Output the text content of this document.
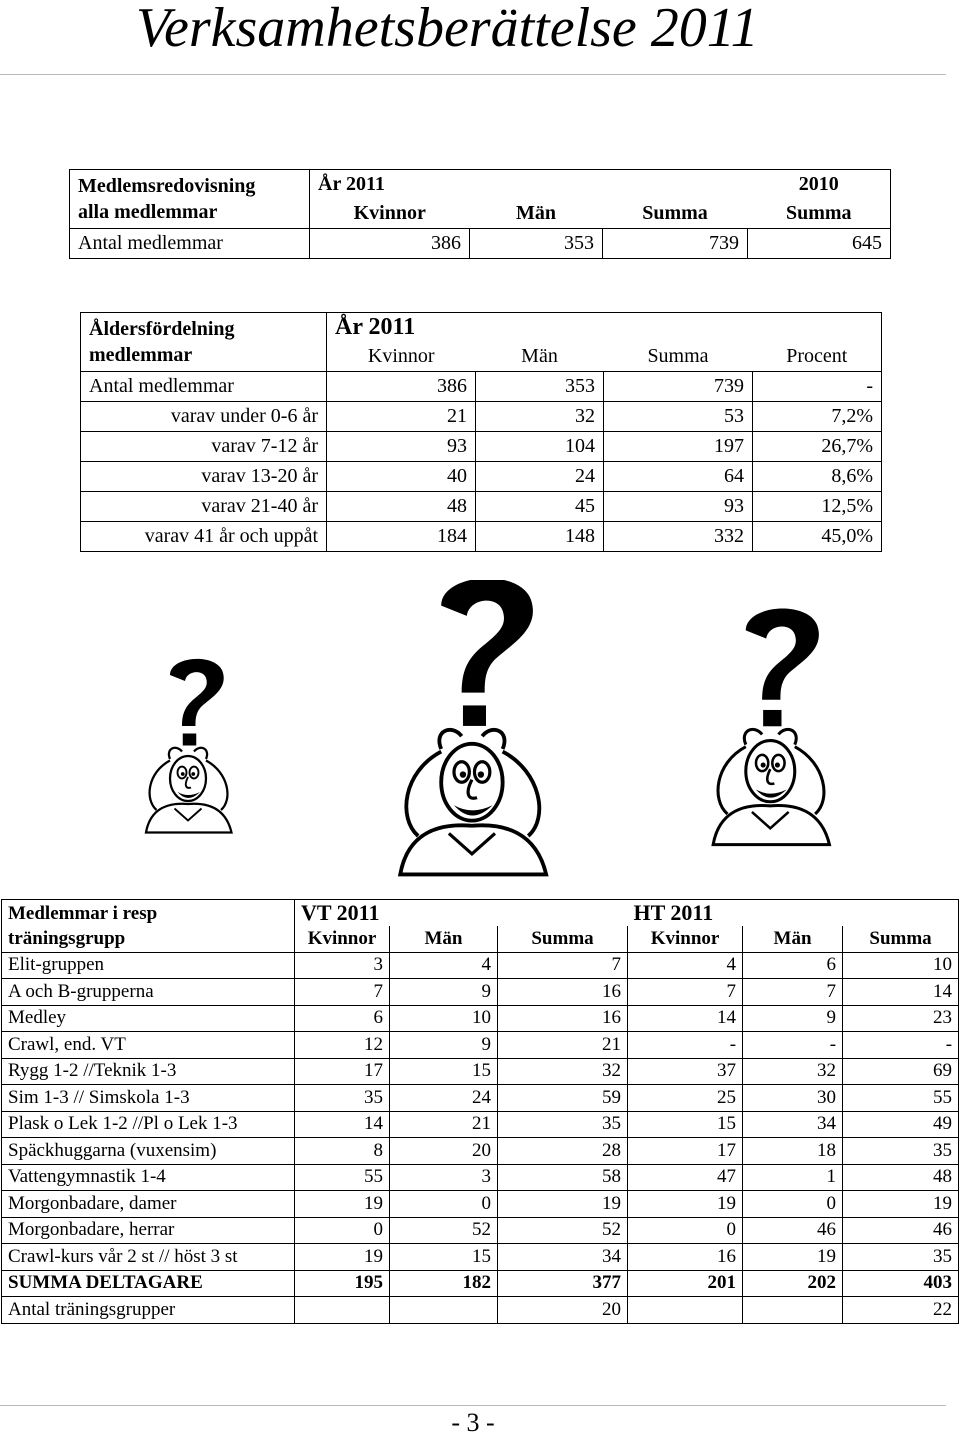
Verksamhetsberättelse 2011
Medlemsredovisning
alla medlemmar	År 2011			2010
	Kvinnor	Män	Summa	Summa
Antal medlemmar	386	353	739	645
Åldersfördelning
medlemmar	År 2011			
	Kvinnor	Män	Summa	Procent
Antal medlemmar	386	353	739	-
varav under 0-6 år	21	32	53	7,2%
varav 7-12 år	93	104	197	26,7%
varav 13-20 år	40	24	64	8,6%
varav 21-40 år	48	45	93	12,5%
varav 41 år och uppåt	184	148	332	45,0%
Medlemmar i resp
träningsgrupp	VT 2011			HT 2011		
	Kvinnor	Män	Summa	Kvinnor	Män	Summa
Elit-gruppen	3	4	7	4	6	10
A och B-grupperna	7	9	16	7	7	14
Medley	6	10	16	14	9	23
Crawl, end. VT	12	9	21	-	-	-
Rygg 1-2 //Teknik 1-3	17	15	32	37	32	69
Sim 1-3 // Simskola 1-3	35	24	59	25	30	55
Plask o Lek 1-2 //Pl o Lek 1-3	14	21	35	15	34	49
Späckhuggarna (vuxensim)	8	20	28	17	18	35
Vattengymnastik 1-4	55	3	58	47	1	48
Morgonbadare, damer	19	0	19	19	0	19
Morgonbadare, herrar	0	52	52	0	46	46
Crawl-kurs vår 2 st // höst 3 st	19	15	34	16	19	35
SUMMA DELTAGARE	195	182	377	201	202	403
Antal träningsgrupper			20			22
- 3 -
